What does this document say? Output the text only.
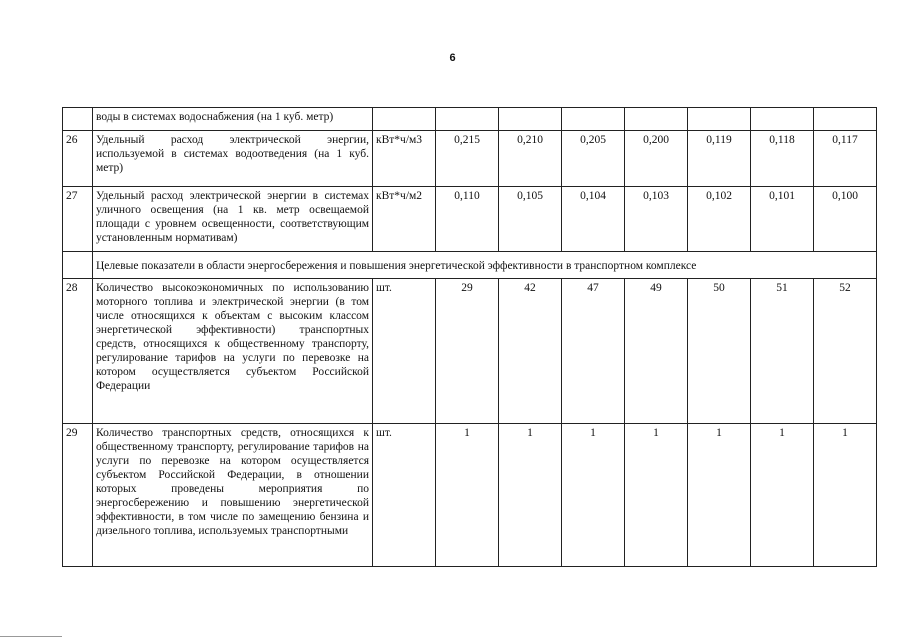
6
	воды в системах водоснабжения (на 1 куб. метр)								
26	Удельный расход электрической энергии, используемой в системах водоотведения (на 1 куб. метр)	кВт*ч/м3	0,215	0,210	0,205	0,200	0,119	0,118	0,117
27	Удельный расход электрической энергии в системах уличного освещения (на 1 кв. метр освещаемой площади с уровнем освещенности, соответствующим установленным нормативам)	кВт*ч/м2	0,110	0,105	0,104	0,103	0,102	0,101	0,100
	Целевые показатели в области энергосбережения и повышения энергетической эффективности в транспортном комплексе								
28	Количество высокоэкономичных по использованию моторного топлива и электрической энергии (в том числе относящихся к объектам с высоким классом энергетической эффективности) транспортных средств, относящихся к общественному транспорту, регулирование тарифов на услуги по перевозке на котором осуществляется субъектом Российской Федерации	шт.	29	42	47	49	50	51	52
29	Количество транспортных средств, относящихся к общественному транспорту, регулирование тарифов на услуги по перевозке на котором осуществляется субъектом Российской Федерации, в отношении которых проведены мероприятия по энергосбережению и повышению энергетической эффективности, в том числе по замещению бензина и дизельного топлива, используемых транспортными	шт.	1	1	1	1	1	1	1
